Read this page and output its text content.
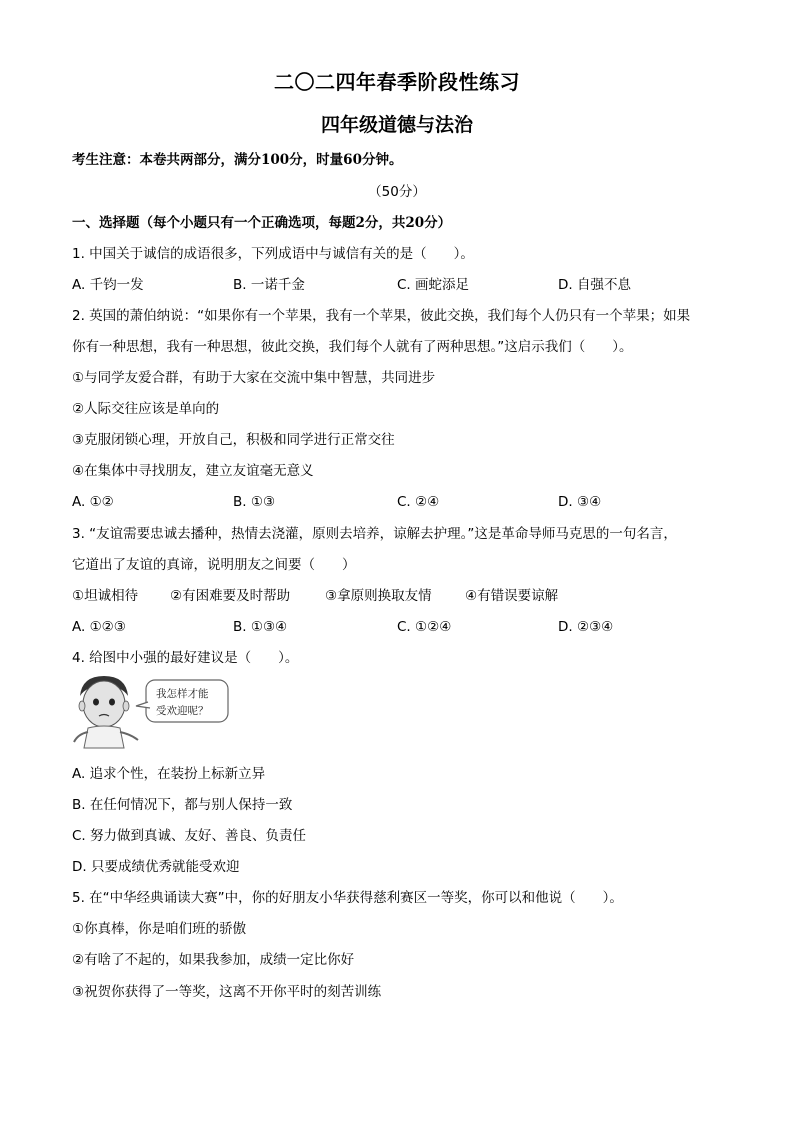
二〇二四年春季阶段性练习
四年级道德与法治
考生注意：本卷共两部分，满分100分，时量60分钟。
（50分）
一、选择题（每个小题只有一个正确选项，每题2分，共20分）
1. 中国关于诚信的成语很多，下列成语中与诚信有关的是（　　）。
A. 千钧一发	B. 一诺千金	C. 画蛇添足	D. 自强不息
2. 英国的萧伯纳说：“如果你有一个苹果，我有一个苹果，彼此交换，我们每个人仍只有一个苹果；如果
你有一种思想，我有一种思想，彼此交换，我们每个人就有了两种思想。”这启示我们（　　）。
①与同学友爱合群，有助于大家在交流中集中智慧，共同进步
②人际交往应该是单向的
③克服闭锁心理，开放自己，积极和同学进行正常交往
④在集体中寻找朋友，建立友谊毫无意义
A. ①②	B. ①③	C. ②④	D. ③④
3. “友谊需要忠诚去播种，热情去浇灌，原则去培养，谅解去护理。”这是革命导师马克思的一句名言，
它道出了友谊的真谛，说明朋友之间要（　　）
①坦诚相待 ②有困难要及时帮助	③拿原则换取友情 ④有错误要谅解
A. ①②③	B. ①③④	C. ①②④	D. ②③④
4. 给图中小强的最好建议是（　　）。
我怎样才能
受欢迎呢？
A. 追求个性，在装扮上标新立异
B. 在任何情况下，都与别人保持一致
C. 努力做到真诚、友好、善良、负责任
D. 只要成绩优秀就能受欢迎
5. 在“中华经典诵读大赛”中，你的好朋友小华获得慈利赛区一等奖，你可以和他说（　　）。
①你真棒，你是咱们班的骄傲
②有啥了不起的，如果我参加，成绩一定比你好
③祝贺你获得了一等奖，这离不开你平时的刻苦训练
